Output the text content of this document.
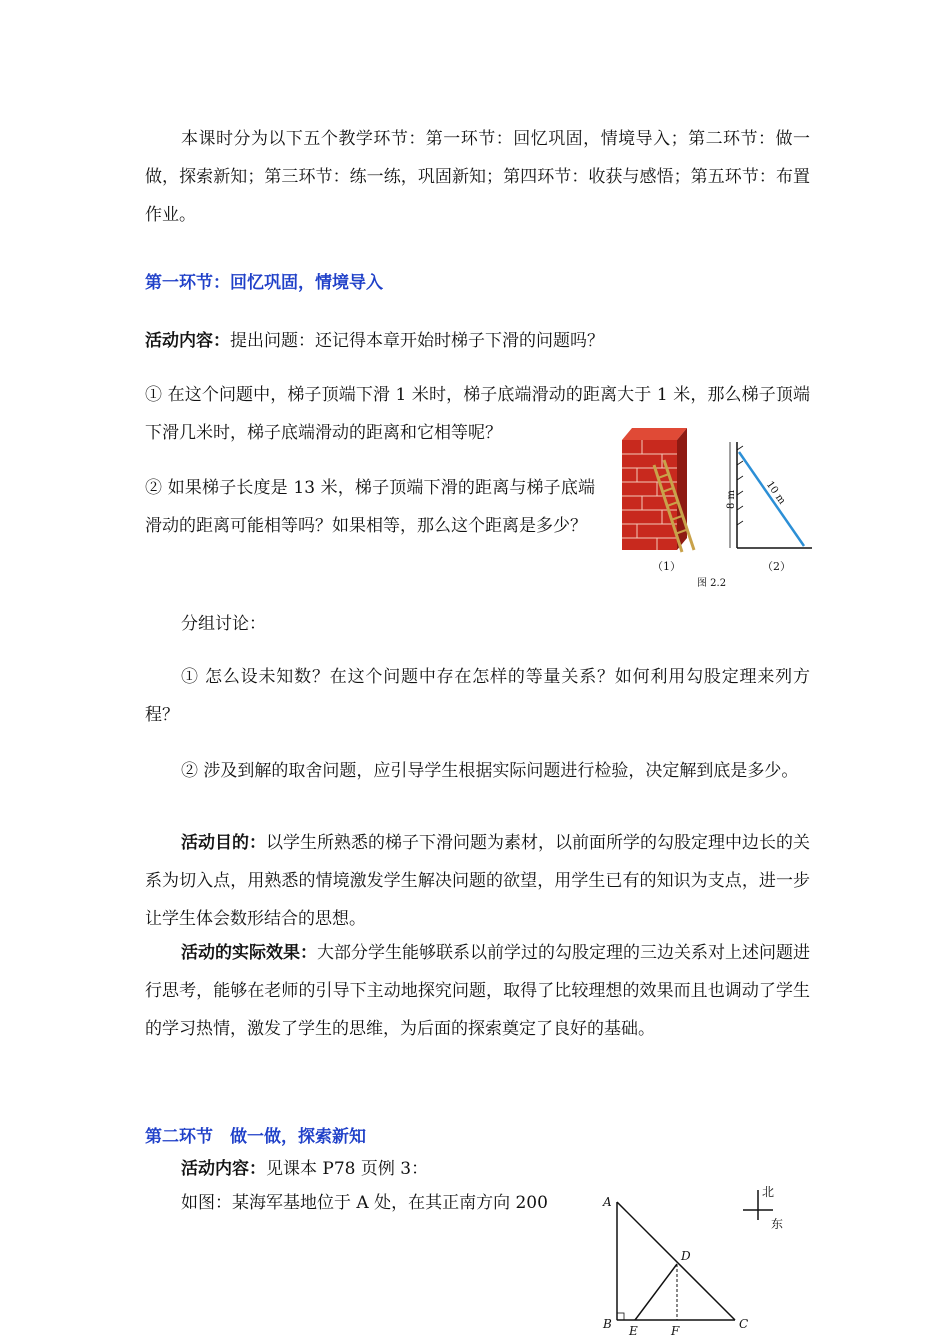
本课时分为以下五个教学环节：第一环节：回忆巩固，情境导入；第二环节：做一做，探索新知；第三环节：练一练，巩固新知；第四环节：收获与感悟；第五环节：布置作业。

第一环节：回忆巩固，情境导入

活动内容：提出问题：还记得本章开始时梯子下滑的问题吗？

① 在这个问题中，梯子顶端下滑 1 米时，梯子底端滑动的距离大于 1 米，那么梯子顶端下滑几米时，梯子底端滑动的距离和它相等呢？

② 如果梯子长度是 13 米，梯子顶端下滑的距离与梯子底端滑动的距离可能相等吗？如果相等，那么这个距离是多少？

8 m	10 m
（1）	（2）
图 2.2

分组讨论：

① 怎么设未知数？在这个问题中存在怎样的等量关系？如何利用勾股定理来列方程？

② 涉及到解的取舍问题，应引导学生根据实际问题进行检验，决定解到底是多少。

活动目的：以学生所熟悉的梯子下滑问题为素材，以前面所学的勾股定理中边长的关系为切入点，用熟悉的情境激发学生解决问题的欲望，用学生已有的知识为支点，进一步让学生体会数形结合的思想。

活动的实际效果：大部分学生能够联系以前学过的勾股定理的三边关系对上述问题进行思考，能够在老师的引导下主动地探究问题，取得了比较理想的效果而且也调动了学生的学习热情，激发了学生的思维，为后面的探索奠定了良好的基础。

第二环节　做一做，探索新知

活动内容：见课本 P78 页例 3：

如图：某海军基地位于 A 处，在其正南方向 200	A
B	C
D
E	F
北
东
